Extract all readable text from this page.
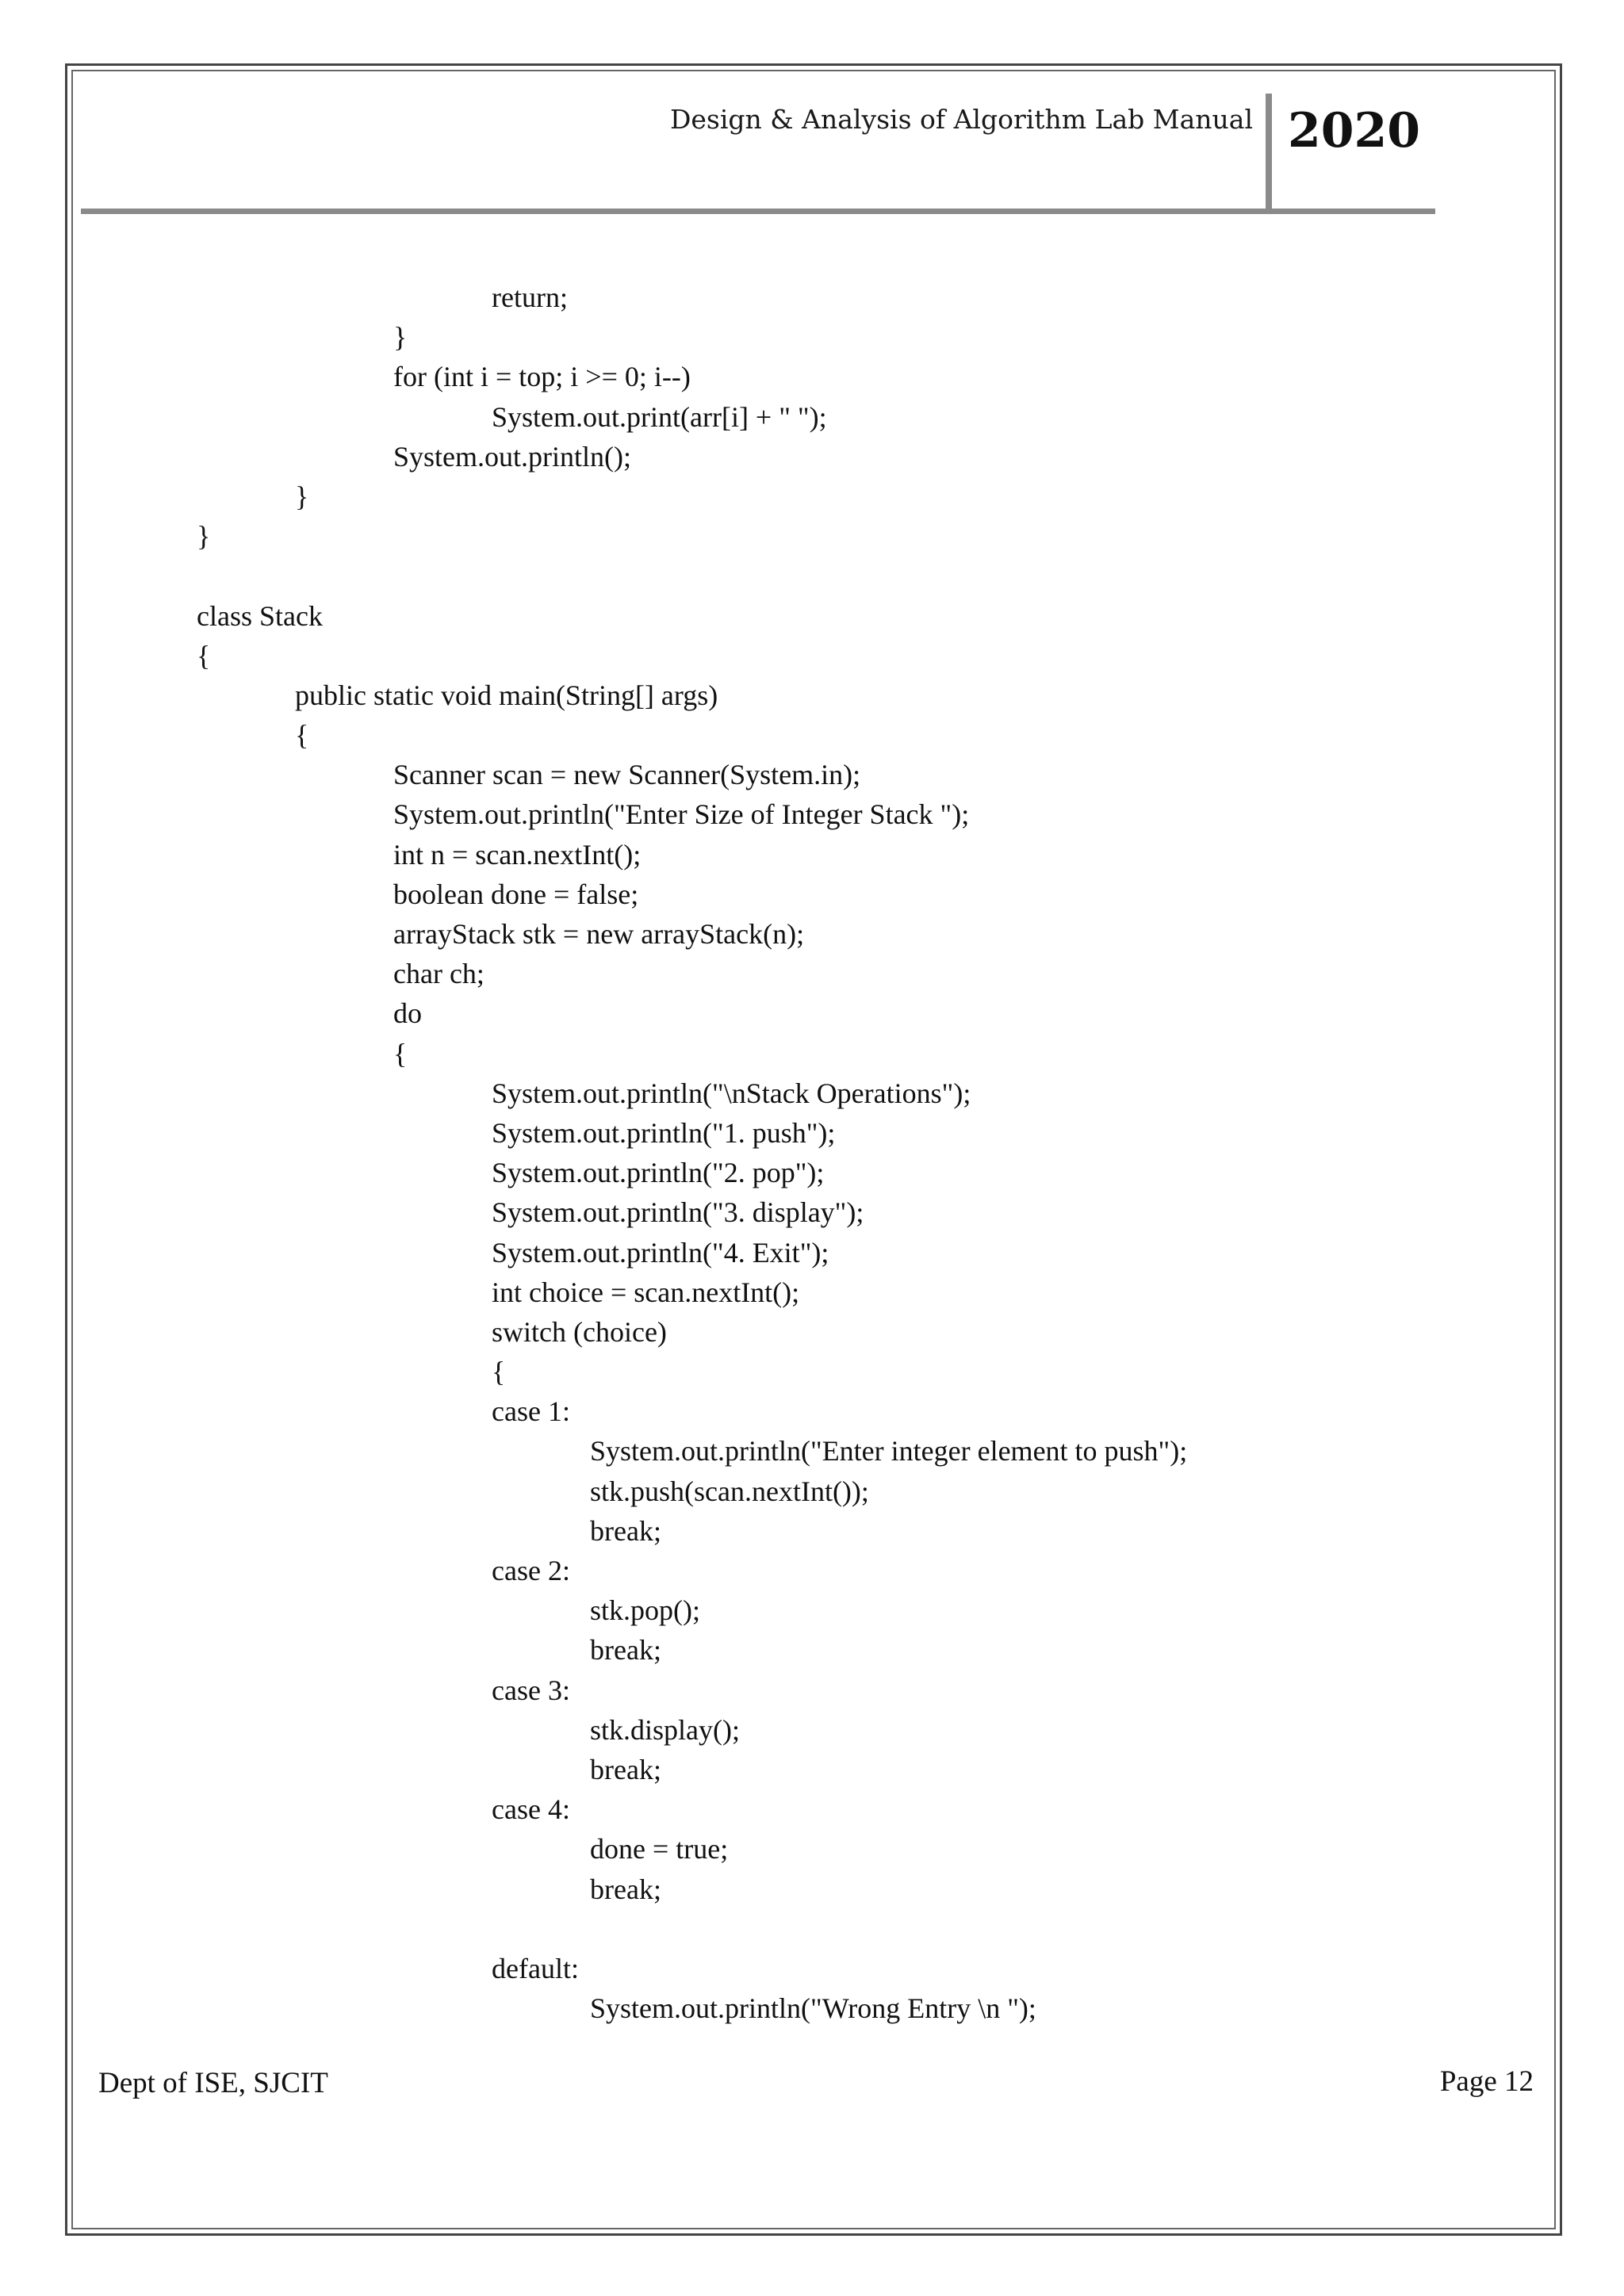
Design & Analysis of Algorithm Lab Manual 2020
return;
}
for (int i = top; i >= 0; i--)
System.out.print(arr[i] + " ");
System.out.println();
}
}
class Stack
{
public static void main(String[] args)
{
Scanner scan = new Scanner(System.in);
System.out.println("Enter Size of Integer Stack ");
int n = scan.nextInt();
boolean done = false;
arrayStack stk = new arrayStack(n);
char ch;
do
{
System.out.println("\nStack Operations");
System.out.println("1. push");
System.out.println("2. pop");
System.out.println("3. display");
System.out.println("4. Exit");
int choice = scan.nextInt();
switch (choice)
{
case 1:
System.out.println("Enter integer element to push");
stk.push(scan.nextInt());
break;
case 2:
stk.pop();
break;
case 3:
stk.display();
break;
case 4:
done = true;
break;
default:
System.out.println("Wrong Entry \n ");
Dept of ISE, SJCIT	Page 12
